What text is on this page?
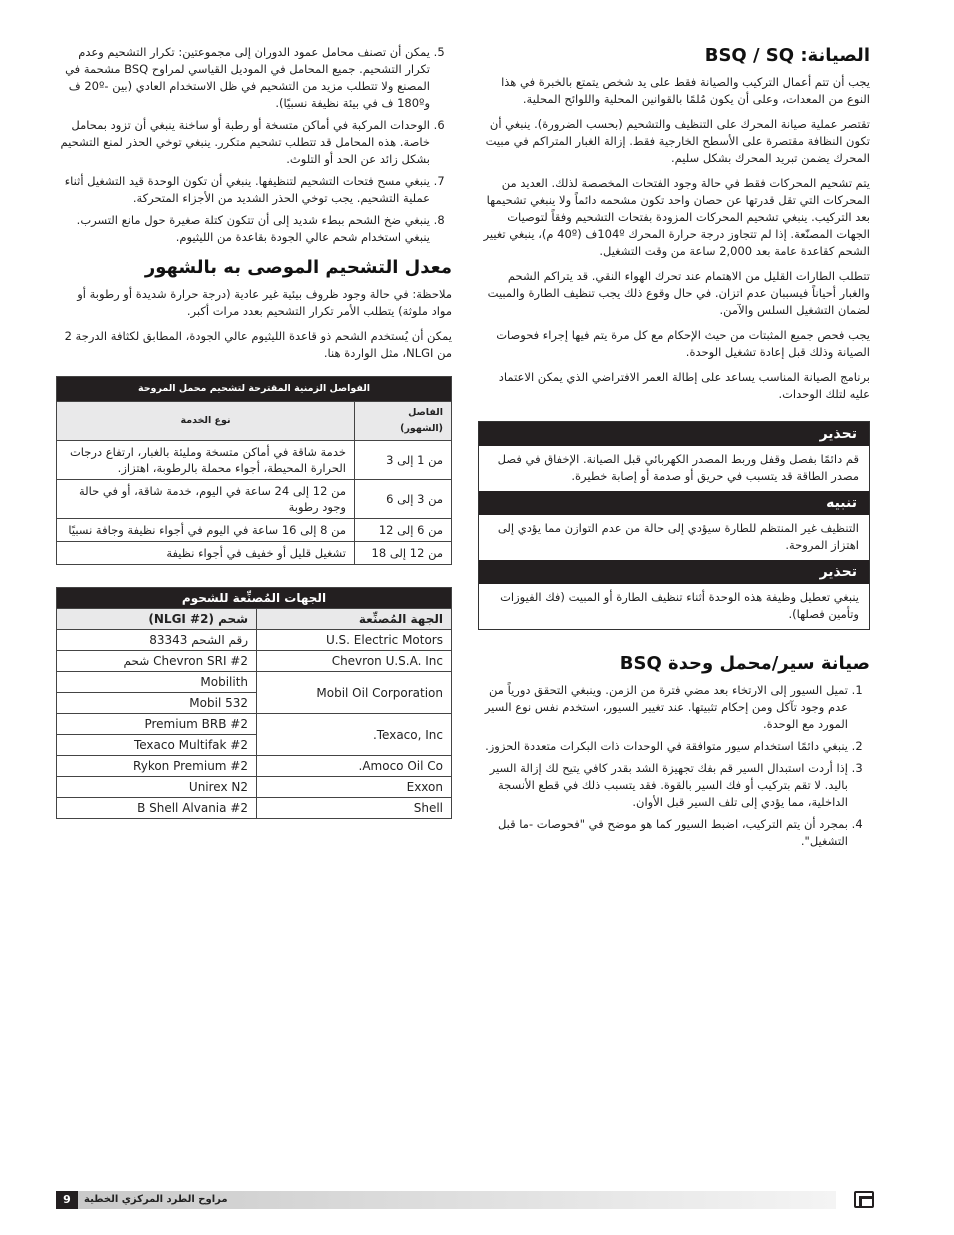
الصيانة: BSQ / SQ

يجب أن تتم أعمال التركيب والصيانة فقط على يد شخص يتمتع بالخبرة في هذا النوع من المعدات، وعلى أن يكون مُلمًا بالقوانين المحلية واللوائح المحلية.

تقتصر عملية صيانة المحرك على التنظيف والتشحيم (بحسب الضرورة). ينبغي أن تكون النظافة مقتصرة على الأسطح الخارجية فقط. إزالة الغبار المتراكم في مبيت المحرك يضمن تبريد المحرك بشكل سليم.

يتم تشحيم المحركات فقط في حالة وجود الفتحات المخصصة لذلك. العديد من المحركات التي تقل قدرتها عن حصان واحد تكون مشحمه دائماً ولا ينبغي تشحيمها بعد التركيب. ينبغي تشحيم المحركات المزودة بفتحات التشحيم وفقاً لتوصيات الجهات المصنّعة. إذا لم تتجاوز درجة حرارة المحرك 104ºف (40º م)، ينبغي تغيير الشحم كقاعدة عامة بعد 2,000 ساعة من وقت التشغيل.

تتطلب الطارات القليل من الاهتمام عند تحرك الهواء النقي. قد يتراكم الشحم والغبار أحياناً فيسببان عدم اتزان. في حال وقوع ذلك يجب تنظيف الطارة والمبيت لضمان التشغيل السلس والآمن.

يجب فحص جميع المثبتات من حيث الإحكام مع كل مرة يتم فيها إجراء فحوصات الصيانة وذلك قبل إعادة تشغيل الوحدة.

برنامج الصيانة المناسب يساعد على إطالة العمر الافتراضي الذي يمكن الاعتماد عليه لتلك الوحدات.

تحذير
قم دائمًا بفصل وقفل وربط المصدر الكهربائي قبل الصيانة. الإخفاق في فصل مصدر الطاقة قد يتسبب في حريق أو صدمة أو إصابة خطيرة.
تنبيه
التنظيف غير المنتظم للطارة سيؤدي إلى حالة من عدم التوازن مما يؤدي إلى اهتزاز المروحة.
تحذير
ينبغي تعطيل وظيفة هذه الوحدة أثناء تنظيف الطارة أو المبيت (فك الفيوزات وتأمين فصلها).
صيانة سير/محمل وحدة BSQ
1. تميل السيور إلى الارتخاء بعد مضي فترة من الزمن. وينبغي التحقق دورياً من عدم وجود تآكل ومن إحكام تثبيتها. عند تغيير السيور، استخدم نفس نوع السير المورد مع الوحدة.
2. ينبغي دائمًا استخدام سيور متوافقة في الوحدات ذات البكرات متعددة الحزوز.
3. إذا أردت استبدال السير قم بفك تجهيزة الشد بقدر كافي يتيح لك إزالة السير باليد. لا تقم بتركيب أو فك السير بالقوة. فقد يتسبب ذلك في قطع الأنسجة الداخلية، مما يؤدي إلى تلف السير قبل الأوان.
4. بمجرد أن يتم التركيب، اضبط السيور كما هو موضح في "فحوصات -ما قبل التشغيل".
5. يمكن أن تصنف محامل عمود الدوران إلى مجموعتين: تكرار التشحيم وعدم تكرار التشحيم. جميع المحامل في الموديل القياسي لمراوح BSQ مشحمة في المصنع ولا تتطلب مزيد من التشحيم في ظل الاستخدام العادي (بين -20º ف و180º ف في بيئة نظيفة نسبيًا).
6. الوحدات المركبة في أماكن متسخة أو رطبة أو ساخنة ينبغي أن تزود بمحامل خاصة. هذه المحامل قد تتطلب تشحيم متكرر. ينبغي توخي الحذر لمنع التشحيم بشكل زائد عن الحد أو التلوث.
7. ينبغي مسح فتحات التشحيم لتنظيفها. ينبغي أن تكون الوحدة قيد التشغيل أثناء عملية التشحيم. يجب توخي الحذر الشديد من الأجزاء المتحركة.
8. ينبغي ضخ الشحم ببطء شديد إلى أن تتكون كتلة صغيرة حول مانع التسرب. ينبغي استخدام شحم عالي الجودة بقاعدة من الليثيوم.
معدل التشحيم الموصى به بالشهور

ملاحظة: في حالة وجود ظروف بيئية غير عادية (درجة حرارة شديدة أو رطوبة أو مواد ملوثة) يتطلب الأمر تكرار التشحيم بعدد مرات أكبر.

يمكن أن يُستخدم الشحم ذو قاعدة الليثيوم عالي الجودة، المطابق لكثافة الدرجة 2 من NLGI، مثل الواردة هنا.

الفواصل الزمنية المقترحة لتشحيم محمل المروحة	
الفاصل (الشهور)	نوع الخدمة
من 1 إلى 3	خدمة شاقة في أماكن متسخة ومليئة بالغبار، ارتفاع درجات الحرارة المحيطة، أجواء محملة بالرطوبة، اهتزاز.
من 3 إلى 6	من 12 إلى 24 ساعة في اليوم، خدمة شاقة، أو في حالة وجود رطوبة
من 6 إلى 12	من 8 إلى 16 ساعة في اليوم في أجواء نظيفة وجافة نسبيًا
من 12 إلى 18	تشغيل قليل أو خفيف في أجواء نظيفة
الجهات المُصنِّعة للشحوم	
الجهة المُصنِّعة	شحم (NLGI #2)
U.S. Electric Motors	رقم الشحم 83343
Chevron U.S.A. Inc	Chevron SRI #2 شحم
Mobil Oil Corporation	Mobilith
	Mobil 532
Texaco, Inc.	Premium BRB #2
	Texaco Multifak #2
Amoco Oil Co.	Rykon Premium #2
Exxon	Unirex N2
Shell	B Shell Alvania #2
9	مراوح الطرد المركزي الخطية
